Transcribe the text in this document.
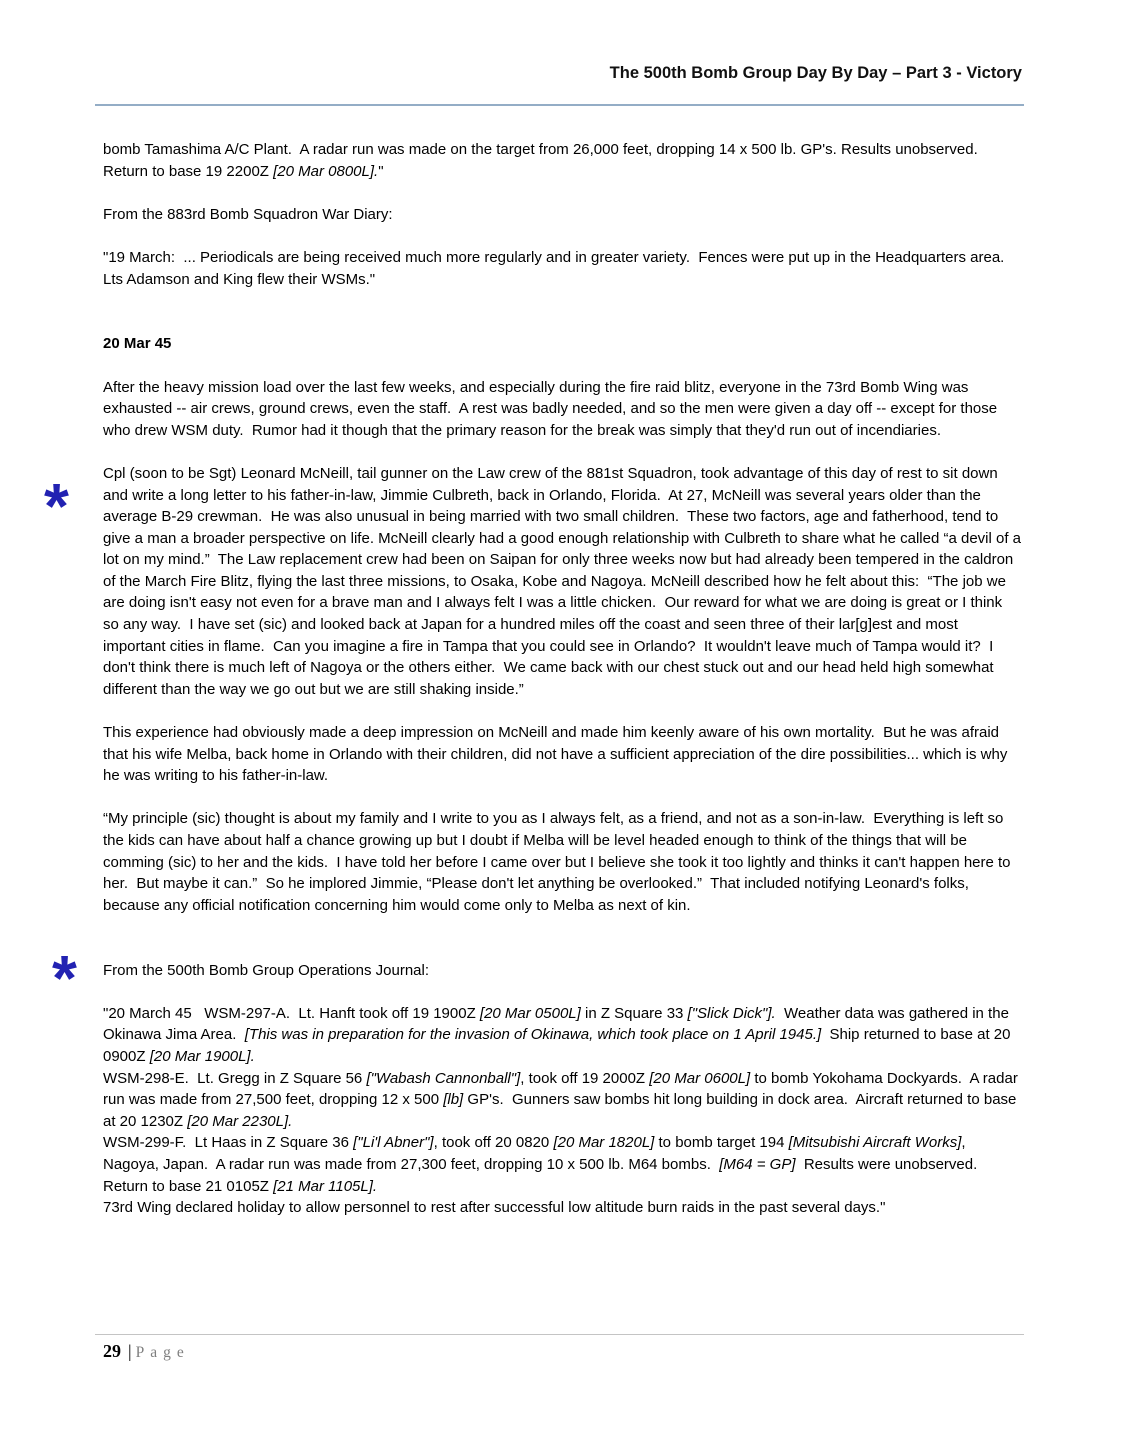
The 500th Bomb Group Day By Day – Part 3 - Victory
*
*
bomb Tamashima A/C Plant.  A radar run was made on the target from 26,000 feet, dropping 14 x 500 lb. GP's. Results unobserved.  Return to base 19 2200Z [20 Mar 0800L]."
From the 883rd Bomb Squadron War Diary:
"19 March:  ... Periodicals are being received much more regularly and in greater variety.  Fences were put up in the Headquarters area.  Lts Adamson and King flew their WSMs."
20 Mar 45
After the heavy mission load over the last few weeks, and especially during the fire raid blitz, everyone in the 73rd Bomb Wing was exhausted -- air crews, ground crews, even the staff.  A rest was badly needed, and so the men were given a day off -- except for those who drew WSM duty.  Rumor had it though that the primary reason for the break was simply that they'd run out of incendiaries.
Cpl (soon to be Sgt) Leonard McNeill, tail gunner on the Law crew of the 881st Squadron, took advantage of this day of rest to sit down and write a long letter to his father-in-law, Jimmie Culbreth, back in Orlando, Florida.  At 27, McNeill was several years older than the average B-29 crewman.  He was also unusual in being married with two small children.  These two factors, age and fatherhood, tend to give a man a broader perspective on life. McNeill clearly had a good enough relationship with Culbreth to share what he called “a devil of a lot on my mind.”  The Law replacement crew had been on Saipan for only three weeks now but had already been tempered in the caldron of the March Fire Blitz, flying the last three missions, to Osaka, Kobe and Nagoya. McNeill described how he felt about this:  “The job we are doing isn't easy not even for a brave man and I always felt I was a little chicken.  Our reward for what we are doing is great or I think so any way.  I have set (sic) and looked back at Japan for a hundred miles off the coast and seen three of their lar[g]est and most important cities in flame.  Can you imagine a fire in Tampa that you could see in Orlando?  It wouldn't leave much of Tampa would it?  I don't think there is much left of Nagoya or the others either.  We came back with our chest stuck out and our head held high somewhat different than the way we go out but we are still shaking inside.”
This experience had obviously made a deep impression on McNeill and made him keenly aware of his own mortality.  But he was afraid that his wife Melba, back home in Orlando with their children, did not have a sufficient appreciation of the dire possibilities... which is why he was writing to his father-in-law.
“My principle (sic) thought is about my family and I write to you as I always felt, as a friend, and not as a son-in-law.  Everything is left so the kids can have about half a chance growing up but I doubt if Melba will be level headed enough to think of the things that will be comming (sic) to her and the kids.  I have told her before I came over but I believe she took it too lightly and thinks it can't happen here to her.  But maybe it can.”  So he implored Jimmie, “Please don't let anything be overlooked.”  That included notifying Leonard's folks, because any official notification concerning him would come only to Melba as next of kin.
From the 500th Bomb Group Operations Journal:
"20 March 45   WSM-297-A.  Lt. Hanft took off 19 1900Z [20 Mar 0500L] in Z Square 33 ["Slick Dick"].  Weather data was gathered in the Okinawa Jima Area.  [This was in preparation for the invasion of Okinawa, which took place on 1 April 1945.]  Ship returned to base at 20 0900Z [20 Mar 1900L].
WSM-298-E.  Lt. Gregg in Z Square 56 ["Wabash Cannonball"], took off 19 2000Z [20 Mar 0600L] to bomb Yokohama Dockyards.  A radar run was made from 27,500 feet, dropping 12 x 500 [lb] GP's.  Gunners saw bombs hit long building in dock area.  Aircraft returned to base at 20 1230Z [20 Mar 2230L].
WSM-299-F.  Lt Haas in Z Square 36 ["Li'l Abner"], took off 20 0820 [20 Mar 1820L] to bomb target 194 [Mitsubishi Aircraft Works], Nagoya, Japan.  A radar run was made from 27,300 feet, dropping 10 x 500 lb. M64 bombs.  [M64 = GP]  Results were unobserved.  Return to base 21 0105Z [21 Mar 1105L].
73rd Wing declared holiday to allow personnel to rest after successful low altitude burn raids in the past several days."
29 | Page
